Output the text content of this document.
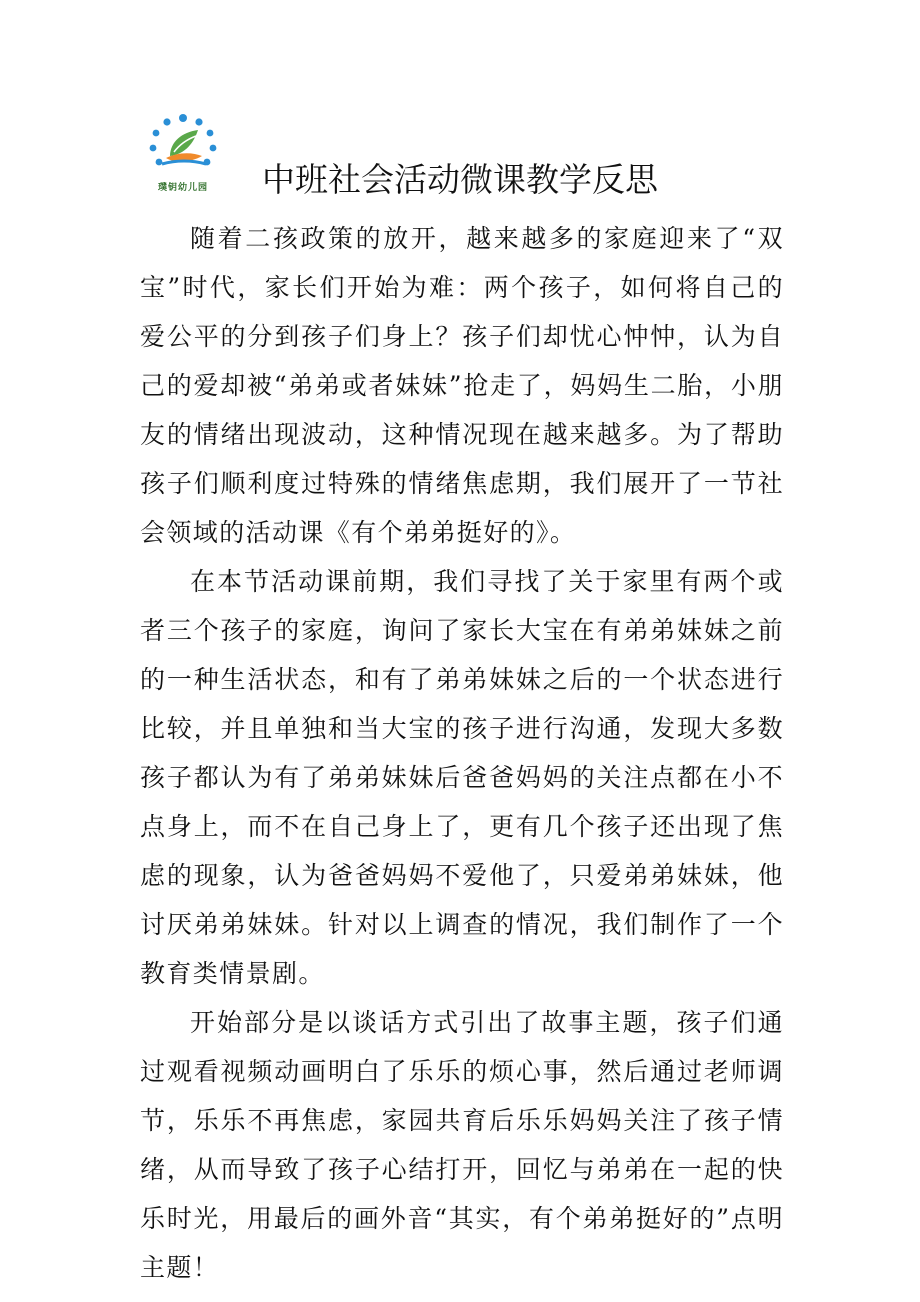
璞钥幼儿园	中班社会活动微课教学反思

随着二孩政策的放开，越来越多的家庭迎来了“双宝”时代，家长们开始为难：两个孩子，如何将自己的爱公平的分到孩子们身上？孩子们却忧心忡忡，认为自己的爱却被“弟弟或者妹妹”抢走了，妈妈生二胎，小朋友的情绪出现波动，这种情况现在越来越多。为了帮助孩子们顺利度过特殊的情绪焦虑期，我们展开了一节社会领域的活动课《有个弟弟挺好的》。

在本节活动课前期，我们寻找了关于家里有两个或者三个孩子的家庭，询问了家长大宝在有弟弟妹妹之前的一种生活状态，和有了弟弟妹妹之后的一个状态进行比较，并且单独和当大宝的孩子进行沟通，发现大多数孩子都认为有了弟弟妹妹后爸爸妈妈的关注点都在小不点身上，而不在自己身上了，更有几个孩子还出现了焦虑的现象，认为爸爸妈妈不爱他了，只爱弟弟妹妹，他讨厌弟弟妹妹。针对以上调查的情况，我们制作了一个教育类情景剧。

开始部分是以谈话方式引出了故事主题，孩子们通过观看视频动画明白了乐乐的烦心事，然后通过老师调节，乐乐不再焦虑，家园共育后乐乐妈妈关注了孩子情绪，从而导致了孩子心结打开，回忆与弟弟在一起的快乐时光，用最后的画外音“其实，有个弟弟挺好的”点明主题！
